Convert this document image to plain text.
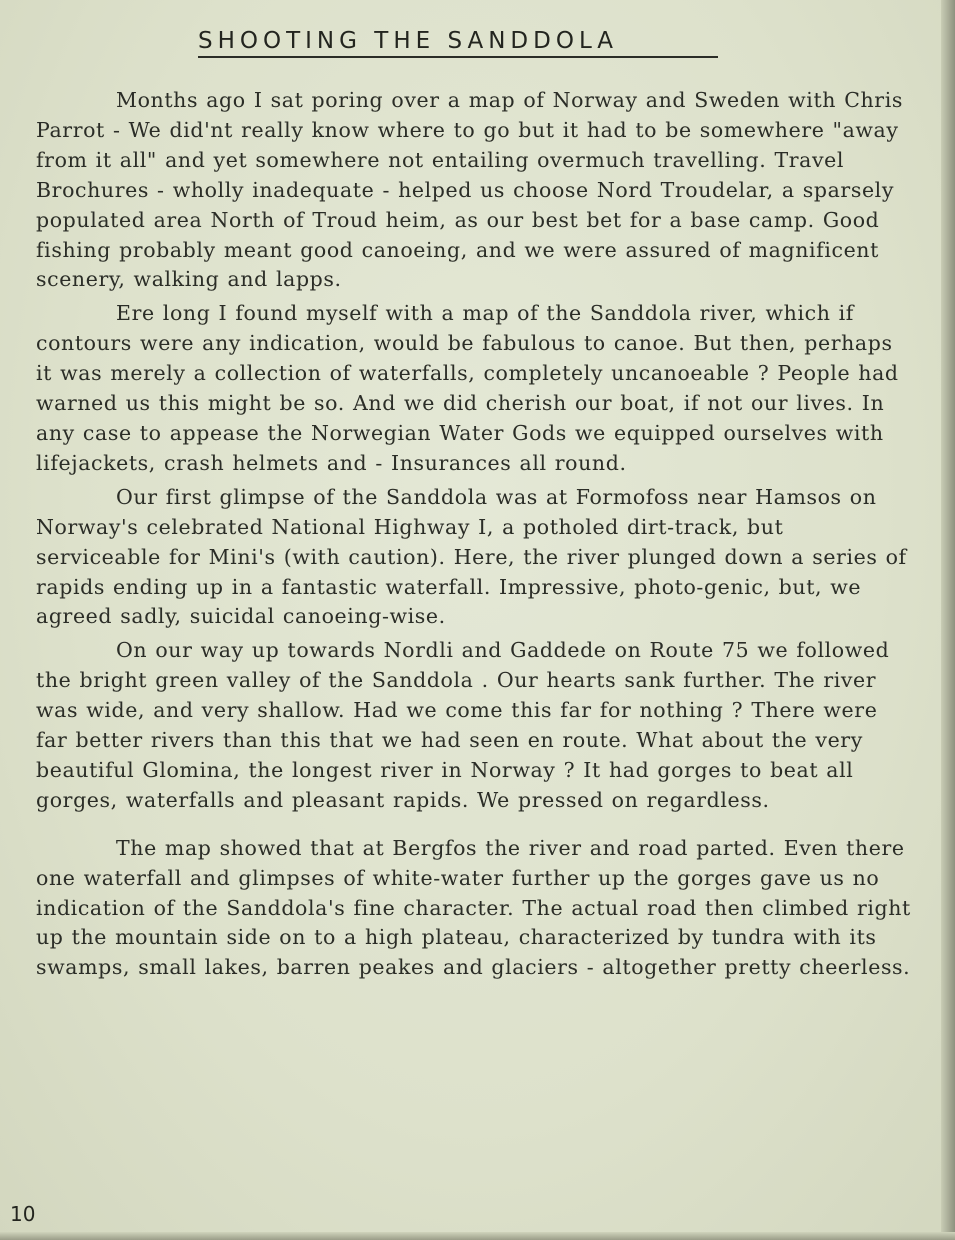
SHOOTING THE SANDDOLA

Months ago I sat poring over a map of Norway and Sweden with Chris Parrot - We did'nt really know where to go but it had to be somewhere "away from it all" and yet somewhere not entailing overmuch travelling. Travel Brochures - wholly inadequate - helped us choose Nord Troudelar, a sparsely populated area North of Troud heim, as our best bet for a base camp. Good fishing probably meant good canoeing, and we were assured of magnificent scenery, walking and lapps.

Ere long I found myself with a map of the Sanddola river, which if contours were any indication, would be fabulous to canoe. But then, perhaps it was merely a collection of waterfalls, completely uncanoeable ? People had warned us this might be so. And we did cherish our boat, if not our lives. In any case to appease the Norwegian Water Gods we equipped ourselves with lifejackets, crash helmets and - Insurances all round.

Our first glimpse of the Sanddola was at Formofoss near Hamsos on Norway's celebrated National Highway I, a potholed dirt-track, but serviceable for Mini's (with caution). Here, the river plunged down a series of rapids ending up in a fantastic waterfall. Impressive, photo-genic, but, we agreed sadly, suicidal canoeing-wise.

On our way up towards Nordli and Gaddede on Route 75 we followed the bright green valley of the Sanddola . Our hearts sank further. The river was wide, and very shallow. Had we come this far for nothing ? There were far better rivers than this that we had seen en route. What about the very beautiful Glomina, the longest river in Norway ? It had gorges to beat all gorges, waterfalls and pleasant rapids. We pressed on regardless.

The map showed that at Bergfos the river and road parted. Even there one waterfall and glimpses of white-water further up the gorges gave us no indication of the Sanddola's fine character. The actual road then climbed right up the mountain side on to a high plateau, characterized by tundra with its swamps, small lakes, barren peakes and glaciers - altogether pretty cheerless.

10
